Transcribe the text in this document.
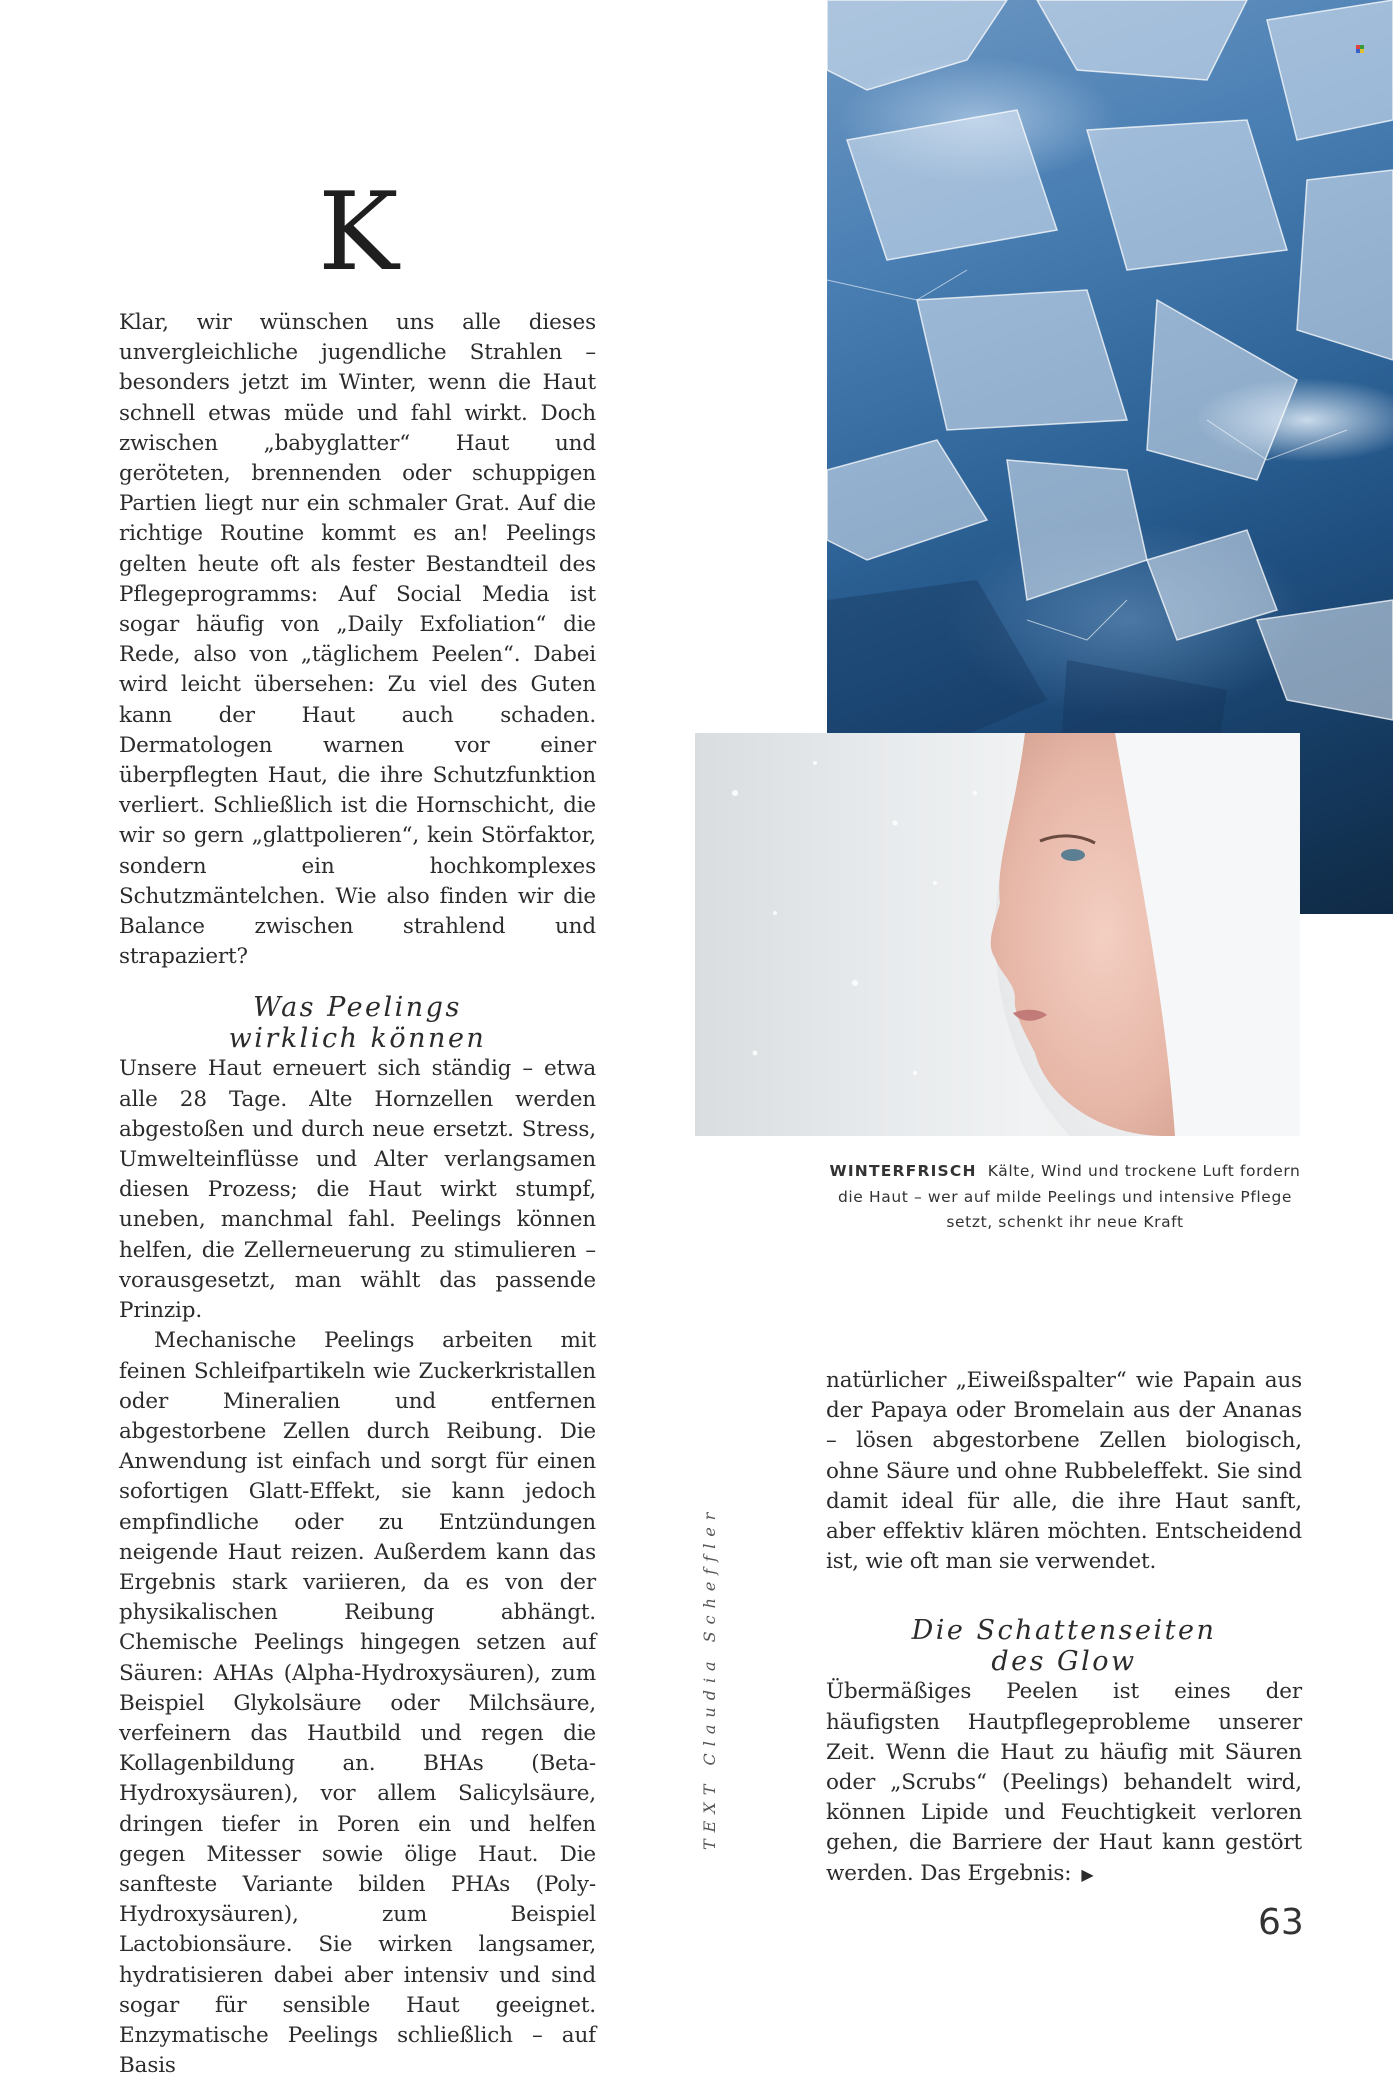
K

Klar, wir wünschen uns alle dieses unvergleichliche jugendliche Strahlen – besonders jetzt im Winter, wenn die Haut schnell etwas müde und fahl wirkt. Doch zwischen „babyglatter“ Haut und geröteten, brennenden oder schuppigen Partien liegt nur ein schmaler Grat. Auf die richtige Routine kommt es an! Peelings gelten heute oft als fester Bestandteil des Pflegeprogramms: Auf Social Media ist sogar häufig von „Daily Exfoliation“ die Rede, also von „täglichem Peelen“. Dabei wird leicht übersehen: Zu viel des Guten kann der Haut auch schaden. Dermatologen warnen vor einer überpflegten Haut, die ihre Schutzfunktion verliert. Schließlich ist die Hornschicht, die wir so gern „glattpolieren“, kein Störfaktor, sondern ein hochkomplexes Schutzmäntelchen. Wie also finden wir die Balance zwischen strahlend und strapaziert?

Was Peelings
wirklich können

Unsere Haut erneuert sich ständig – etwa alle 28 Tage. Alte Hornzellen werden abgestoßen und durch neue ersetzt. Stress, Umwelteinflüsse und Alter verlangsamen diesen Prozess; die Haut wirkt stumpf, uneben, manchmal fahl. Peelings können helfen, die Zellerneuerung zu stimulieren – vorausgesetzt, man wählt das passende Prinzip.

Mechanische Peelings arbeiten mit feinen Schleifpartikeln wie Zuckerkristallen oder Mineralien und entfernen abgestorbene Zellen durch Reibung. Die Anwendung ist einfach und sorgt für einen sofortigen Glatt-Effekt, sie kann jedoch empfindliche oder zu Entzündungen neigende Haut reizen. Außerdem kann das Ergebnis stark variieren, da es von der physikalischen Reibung abhängt. Chemische Peelings hingegen setzen auf Säuren: AHAs (Alpha-Hydroxysäuren), zum Beispiel Glykolsäure oder Milchsäure, verfeinern das Hautbild und regen die Kollagenbildung an. BHAs (Beta-Hydroxysäuren), vor allem Salicylsäure, dringen tiefer in Poren ein und helfen gegen Mitesser sowie ölige Haut. Die sanfteste Variante bilden PHAs (Poly-Hydroxysäuren), zum Beispiel Lactobionsäure. Sie wirken langsamer, hydratisieren dabei aber intensiv und sind sogar für sensible Haut geeignet. Enzymatische Peelings schließlich – auf Basis

WINTERFRISCH Kälte, Wind und trockene Luft fordern die Haut – wer auf milde Peelings und intensive Pflege setzt, schenkt ihr neue Kraft
TEXT Claudia Scheffler

natürlicher „Eiweißspalter“ wie Papain aus der Papaya oder Bromelain aus der Ananas – lösen abgestorbene Zellen biologisch, ohne Säure und ohne Rubbeleffekt. Sie sind damit ideal für alle, die ihre Haut sanft, aber effektiv klären möchten. Entscheidend ist, wie oft man sie verwendet.

Die Schattenseiten
des Glow

Übermäßiges Peelen ist eines der häufigsten Hautpflegeprobleme unserer Zeit. Wenn die Haut zu häufig mit Säuren oder „Scrubs“ (Peelings) behandelt wird, können Lipide und Feuchtigkeit verloren gehen, die Barriere der Haut kann gestört werden. Das Ergebnis: ▶

63
